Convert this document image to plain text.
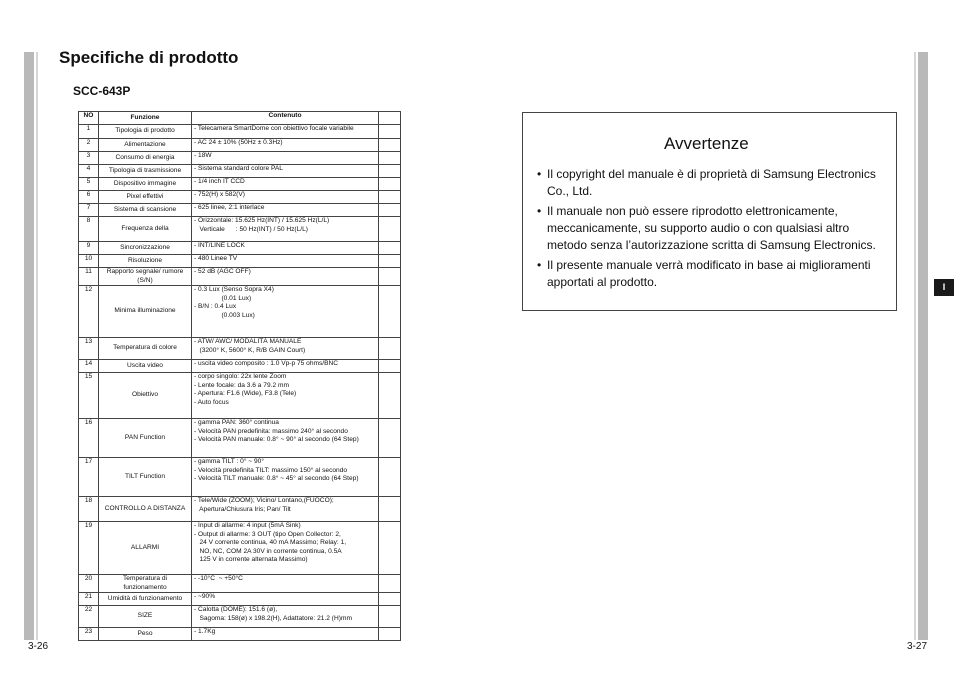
Specifiche di prodotto
SCC-643P
NO	Funzione	Contenuto	
1	Tipologia di prodotto	- Telecamera SmartDome con obiettivo focale variabile	

2	Alimentazione	- AC 24 ± 10% (50Hz ± 0.3Hz)	

3	Consumo di energia	- 18W	

4	Tipologia di trasmissione	- Sistema standard colore PAL	

5	Dispositivo immagine	- 1/4 inch IT CCD	

6	Pixel effettivi	- 752(H) x 582(V)	

7	Sistema di scansione	- 625 linee, 2:1 interlace	

8	Frequenza della	- Orizzontale: 15.625 Hz(INT) / 15.625 Hz(L/L)
Verticale      : 50 Hz(INT) / 50 Hz(L/L)	

9	Sincronizzazione	- INT/LINE LOCK	

10	Risoluzione	- 480 Linee TV	

11	Rapporto segnale/ rumore (S/N)	- 52 dB (AGC OFF)	

12	Minima illuminazione	- 0.3 Lux (Senso Sopra X4)
(0.01 Lux)
- B/N : 0.4 Lux
(0.003 Lux)	

13	Temperatura di colore	- ATW/ AWC/ MODALITÀ MANUALE
(3200° K, 5600° K, R/B GAIN Court)	

14	Uscita video	- uscita video composito : 1.0 Vp-p 75 ohms/BNC	

15	Obiettivo	- corpo singolo: 22x lente Zoom
- Lente focale: da 3.6 a 79.2 mm
- Apertura: F1.6 (Wide), F3.8 (Tele)
- Auto focus	

16	PAN Function	- gamma PAN: 360° continua
- Velocità PAN predefinita: massimo 240° al secondo
- Velocità PAN manuale: 0.8° ~ 90° al secondo (64 Step)	

17	TILT Function	- gamma TILT : 0° ~ 90°
- Velocità predefinita TILT: massimo 150° al secondo
- Velocità TILT manuale: 0.8° ~ 45° al secondo (64 Step)	

18	CONTROLLO A DISTANZA	- Tele/Wide (ZOOM); Vicino/ Lontano,(FUOCO);
Apertura/Chiusura Iris; Pan/ Tilt	

19	ALLARMI	- Input di allarme: 4 input (5mA Sink)
- Output di allarme: 3 OUT (tipo Open Collector: 2,
24 V corrente continua, 40 mA Massimo; Relay: 1,
NO, NC, COM 2A 30V in corrente continua, 0.5A
125 V in corrente alternata Massimo)	

20	Temperatura di funzionamento	- -10°C  ~ +50°C	

21	Umidità di funzionamento	- ~90%	

22	SIZE	- Calotta (DOME): 151.6 (ø),
Sagoma: 158(ø) x 198.2(H), Adattatore: 21.2 (H)mm	

23	Peso	- 1.7Kg	

Avvertenze
• Il copyright del manuale è di proprietà di Samsung Electronics Co., Ltd.
• Il manuale non può essere riprodotto elettronicamente, meccanicamente, su supporto audio o con qualsiasi altro metodo senza l’autorizzazione scritta di Samsung Electronics.
• Il presente manuale verrà modificato in base ai miglioramenti apportati al prodotto.
3-26	3-27
I
